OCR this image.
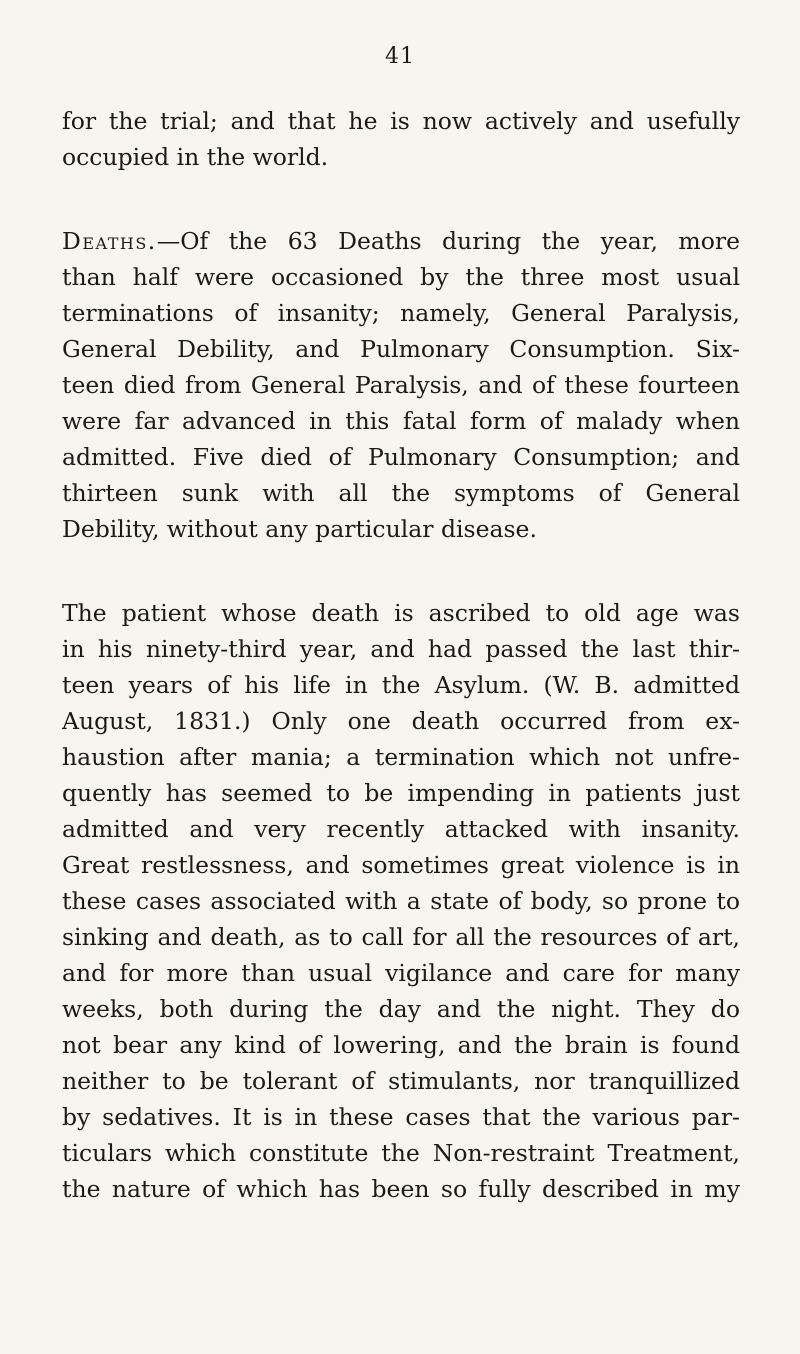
41
for the trial; and that he is now actively and usefully
occupied in the world.
Deaths.—Of the 63 Deaths during the year, more
than half were occasioned by the three most usual
terminations of insanity; namely, General Paralysis,
General Debility, and Pulmonary Consumption. Six-
teen died from General Paralysis, and of these fourteen
were far advanced in this fatal form of malady when
admitted. Five died of Pulmonary Consumption; and
thirteen sunk with all the symptoms of General
Debility, without any particular disease.
The patient whose death is ascribed to old age was
in his ninety-third year, and had passed the last thir-
teen years of his life in the Asylum. (W. B. admitted
August, 1831.) Only one death occurred from ex-
haustion after mania; a termination which not unfre-
quently has seemed to be impending in patients just
admitted and very recently attacked with insanity.
Great restlessness, and sometimes great violence is in
these cases associated with a state of body, so prone to
sinking and death, as to call for all the resources of art,
and for more than usual vigilance and care for many
weeks, both during the day and the night. They do
not bear any kind of lowering, and the brain is found
neither to be tolerant of stimulants, nor tranquillized
by sedatives. It is in these cases that the various par-
ticulars which constitute the Non-restraint Treatment,
the nature of which has been so fully described in my
